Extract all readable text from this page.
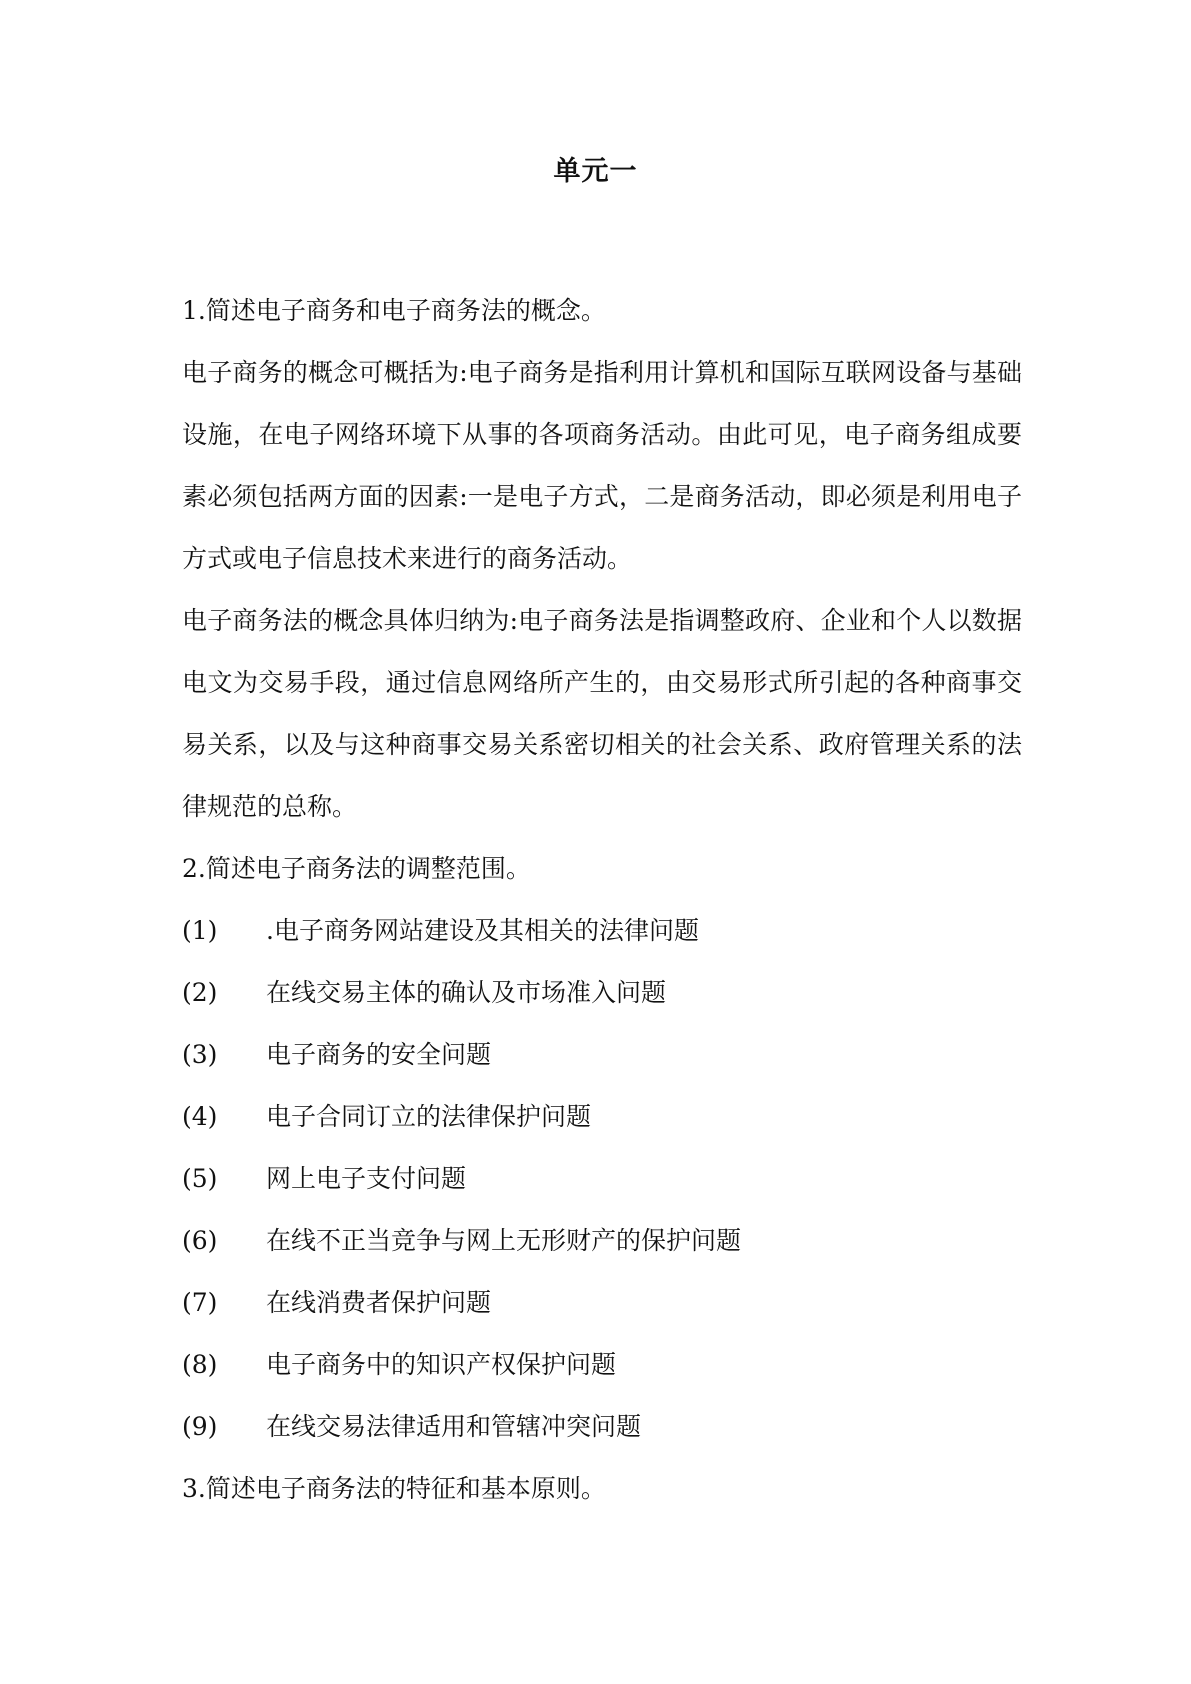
单元一

1.简述电子商务和电子商务法的概念。

电子商务的概念可概括为:电子商务是指利用计算机和国际互联网设备与基础设施，在电子网络环境下从事的各项商务活动。由此可见，电子商务组成要素必须包括两方面的因素:一是电子方式，二是商务活动，即必须是利用电子方式或电子信息技术来进行的商务活动。

电子商务法的概念具体归纳为:电子商务法是指调整政府、企业和个人以数据电文为交易手段，通过信息网络所产生的，由交易形式所引起的各种商事交易关系，以及与这种商事交易关系密切相关的社会关系、政府管理关系的法律规范的总称。

2.简述电子商务法的调整范围。

(1)	.电子商务网站建设及其相关的法律问题
(2)	在线交易主体的确认及市场准入问题
(3)	电子商务的安全问题
(4)	电子合同订立的法律保护问题
(5)	网上电子支付问题
(6)	在线不正当竞争与网上无形财产的保护问题
(7)	在线消费者保护问题
(8)	电子商务中的知识产权保护问题
(9)	在线交易法律适用和管辖冲突问题

3.简述电子商务法的特征和基本原则。
